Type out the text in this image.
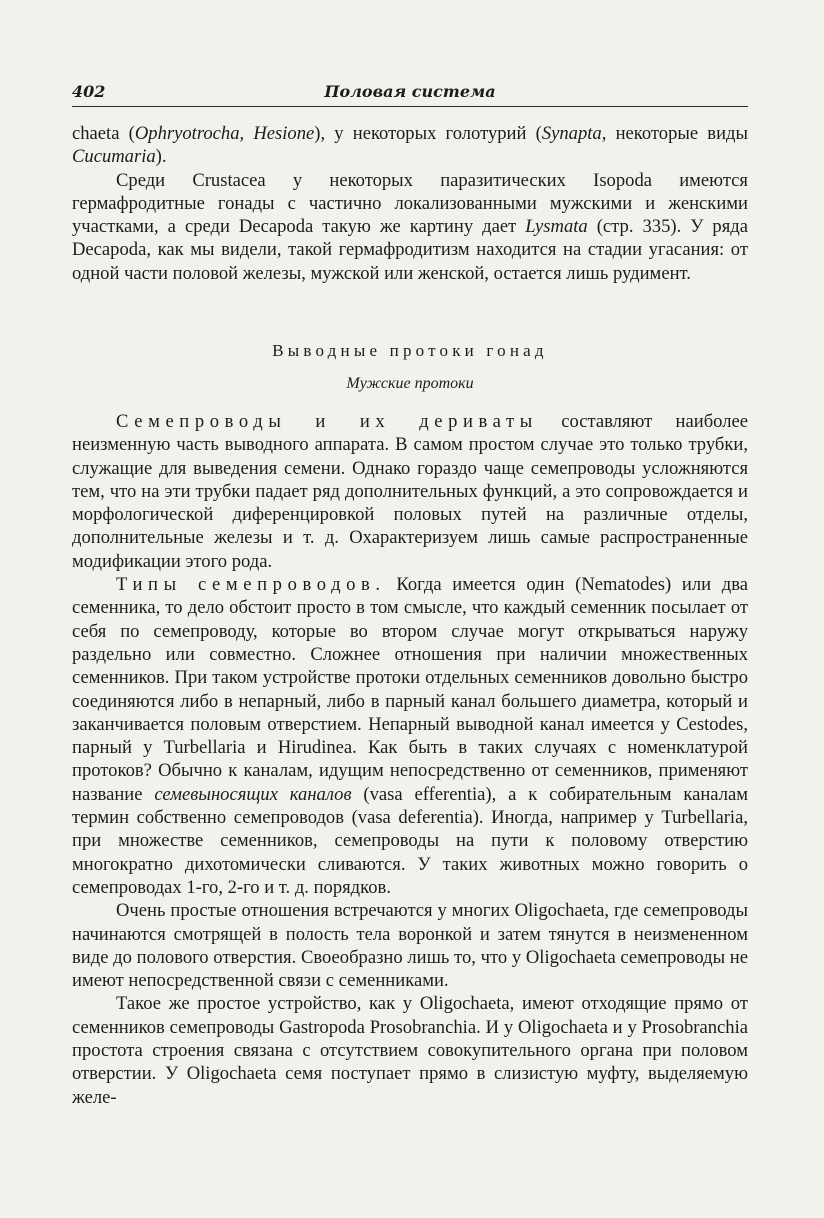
402	Половая система

chaeta (Ophryotrocha, Hesione), у некоторых голотурий (Synapta, некоторые виды Cucumaria).

Среди Crustacea у некоторых паразитических Isopoda имеются гермафродитные гонады с частично локализованными мужскими и женскими участками, а среди Decapoda такую же картину дает Lysmata (стр. 335). У ряда Decapoda, как мы видели, такой гермафродитизм находится на стадии угасания: от одной части половой железы, мужской или женской, остается лишь рудимент.

Выводные протоки гонад
Мужские протоки

Семепроводы и их дериваты составляют наиболее неизменную часть выводного аппарата. В самом простом случае это только трубки, служащие для выведения семени. Однако гораздо чаще семепроводы усложняются тем, что на эти трубки падает ряд дополнительных функций, а это сопровождается и морфологической диференцировкой половых путей на различные отделы, дополнительные железы и т. д. Охарактеризуем лишь самые распространенные модификации этого рода.

Типы семепроводов. Когда имеется один (Nematodes) или два семенника, то дело обстоит просто в том смысле, что каждый семенник посылает от себя по семепроводу, которые во втором случае могут открываться наружу раздельно или совместно. Сложнее отношения при наличии множественных семенников. При таком устройстве протоки отдельных семенников довольно быстро соединяются либо в непарный, либо в парный канал большего диаметра, который и заканчивается половым отверстием. Непарный выводной канал имеется у Cestodes, парный у Turbellaria и Hirudinea. Как быть в таких случаях с номенклатурой протоков? Обычно к каналам, идущим непосредственно от семенников, применяют название семевыносящих каналов (vasa efferentia), а к собирательным каналам термин собственно семепроводов (vasa deferentia). Иногда, например у Turbellaria, при множестве семенников, семепроводы на пути к половому отверстию многократно дихотомически сливаются. У таких животных можно говорить о семепроводах 1-го, 2-го и т. д. порядков.

Очень простые отношения встречаются у многих Oligochaeta, где семепроводы начинаются смотрящей в полость тела воронкой и затем тянутся в неизмененном виде до полового отверстия. Своеобразно лишь то, что у Oligochaeta семепроводы не имеют непосредственной связи с семенниками.

Такое же простое устройство, как у Oligochaeta, имеют отходящие прямо от семенников семепроводы Gastropoda Prosobranchia. И у Oligochaeta и у Prosobranchia простота строения связана с отсутствием совокупительного органа при половом отверстии. У Oligochaeta семя поступает прямо в слизистую муфту, выделяемую желе-
